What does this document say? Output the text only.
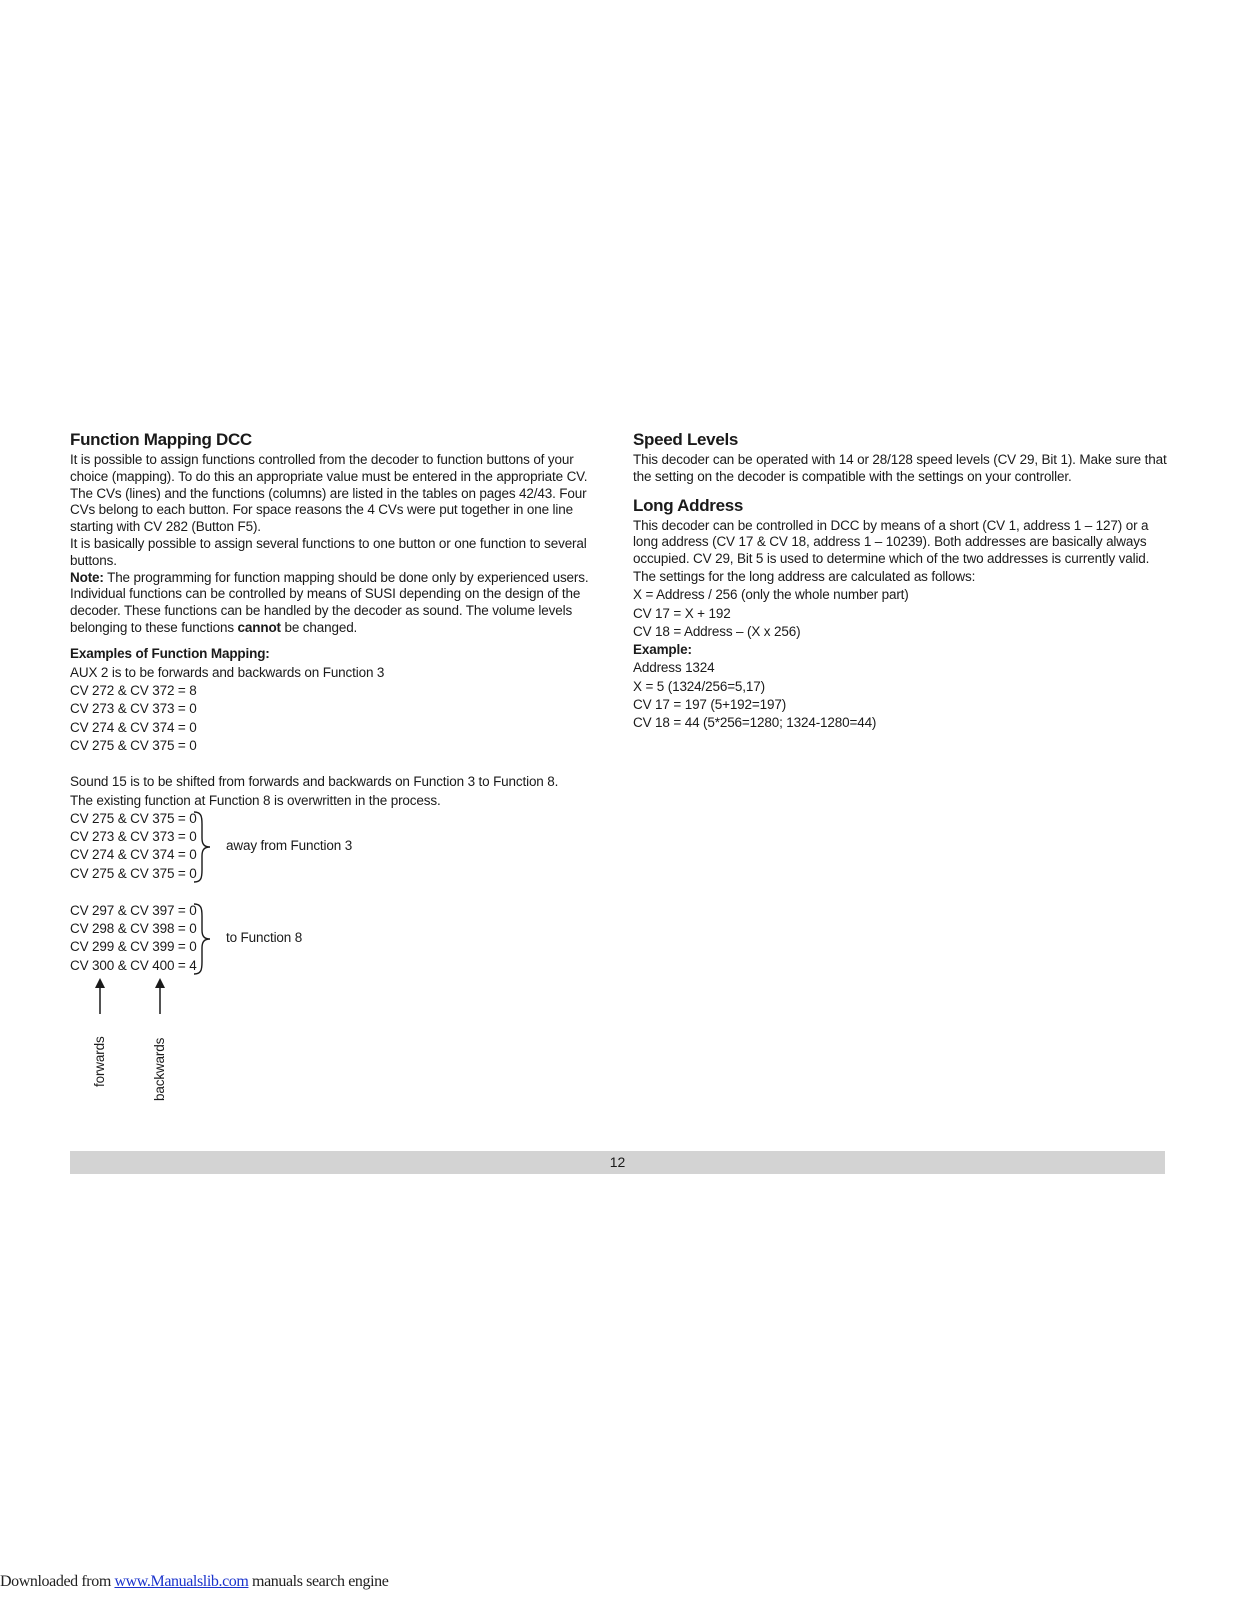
Function Mapping DCC

It is possible to assign functions controlled from the decoder to function buttons of your choice (mapping). To do this an appropriate value must be entered in the appropriate CV.

The CVs (lines) and the functions (columns) are listed in the tables on pages 42/43. Four CVs belong to each button. For space reasons the 4 CVs were put together in one line starting with CV 282 (Button F5).

It is basically possible to assign several functions to one button or one function to several buttons.

Note: The programming for function mapping should be done only by experienced users.

Individual functions can be controlled by means of SUSI depending on the design of the decoder. These functions can be handled by the decoder as sound. The volume levels belonging to these functions cannot be changed.

Examples of Function Mapping:
AUX 2 is to be forwards and backwards on Function 3
CV 272 & CV 372 = 8
CV 273 & CV 373 = 0
CV 274 & CV 374 = 0
CV 275 & CV 375 = 0
Sound 15 is to be shifted from forwards and backwards on Function 3 to Function 8.
The existing function at Function 8 is overwritten in the process.
CV 275 & CV 375 = 0
CV 273 & CV 373 = 0
CV 274 & CV 374 = 0
CV 275 & CV 375 = 0
away from Function 3
CV 297 & CV 397 = 0
CV 298 & CV 398 = 0
CV 299 & CV 399 = 0
CV 300 & CV 400 = 4
to Function 8
forwards	backwards
Speed Levels

This decoder can be operated with 14 or 28/128 speed levels (CV 29, Bit 1). Make sure that the setting on the decoder is compatible with the settings on your controller.

Long Address

This decoder can be controlled in DCC by means of a short (CV 1, address 1 – 127) or a long address (CV 17 & CV 18, address 1 – 10239). Both addresses are basically always occupied. CV 29, Bit 5 is used to determine which of the two addresses is currently valid.

The settings for the long address are calculated as follows:

X = Address / 256 (only the whole number part)
CV 17 = X + 192
CV 18 = Address – (X x 256)
Example:
Address 1324
X = 5 (1324/256=5,17)
CV 17 = 197 (5+192=197)
CV 18 = 44 (5*256=1280; 1324-1280=44)
12
Downloaded from www.Manualslib.com manuals search engine
